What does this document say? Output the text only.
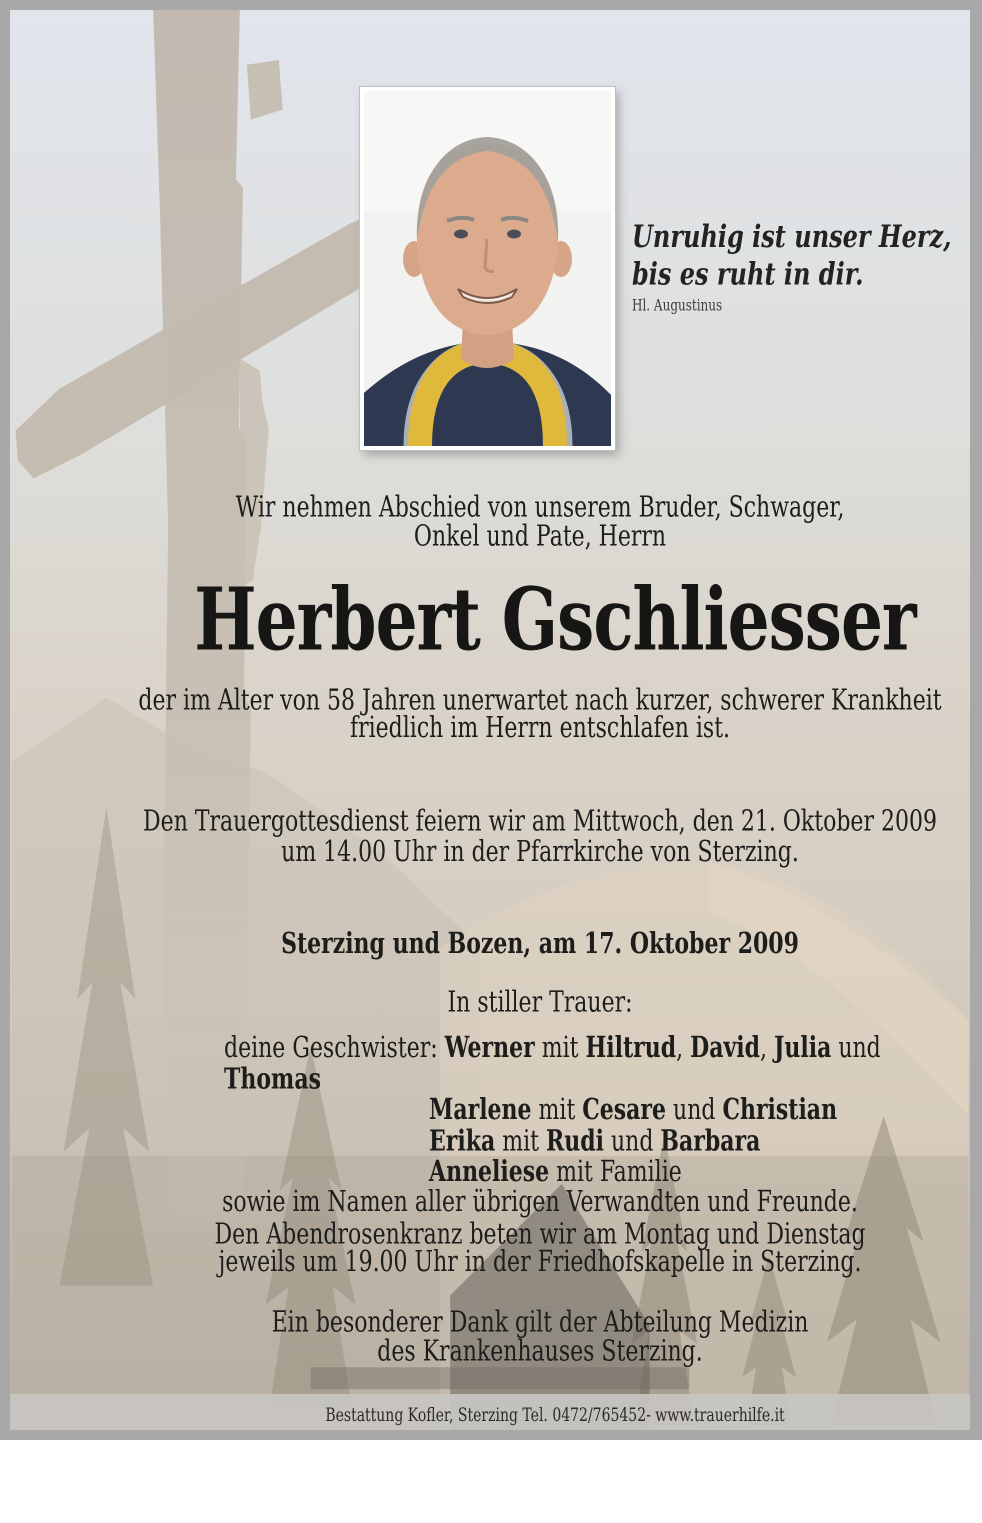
Unruhig ist unser Herz,
bis es ruht in dir.
Hl. Augustinus
Wir nehmen Abschied von unserem Bruder, Schwager,
Onkel und Pate, Herrn
Herbert Gschliesser
der im Alter von 58 Jahren unerwartet nach kurzer, schwerer Krankheit
friedlich im Herrn entschlafen ist.
Den Trauergottesdienst feiern wir am Mittwoch, den 21. Oktober 2009
um 14.00 Uhr in der Pfarrkirche von Sterzing.
Sterzing und Bozen, am 17. Oktober 2009
In stiller Trauer:
deine Geschwister: Werner mit Hiltrud, David, Julia und Thomas
Marlene mit Cesare und Christian
Erika mit Rudi und Barbara
Anneliese mit Familie
sowie im Namen aller übrigen Verwandten und Freunde.
Den Abendrosenkranz beten wir am Montag und Dienstag
jeweils um 19.00 Uhr in der Friedhofskapelle in Sterzing.
Ein besonderer Dank gilt der Abteilung Medizin
des Krankenhauses Sterzing.
Bestattung Kofler, Sterzing Tel. 0472/765452- www.trauerhilfe.it
